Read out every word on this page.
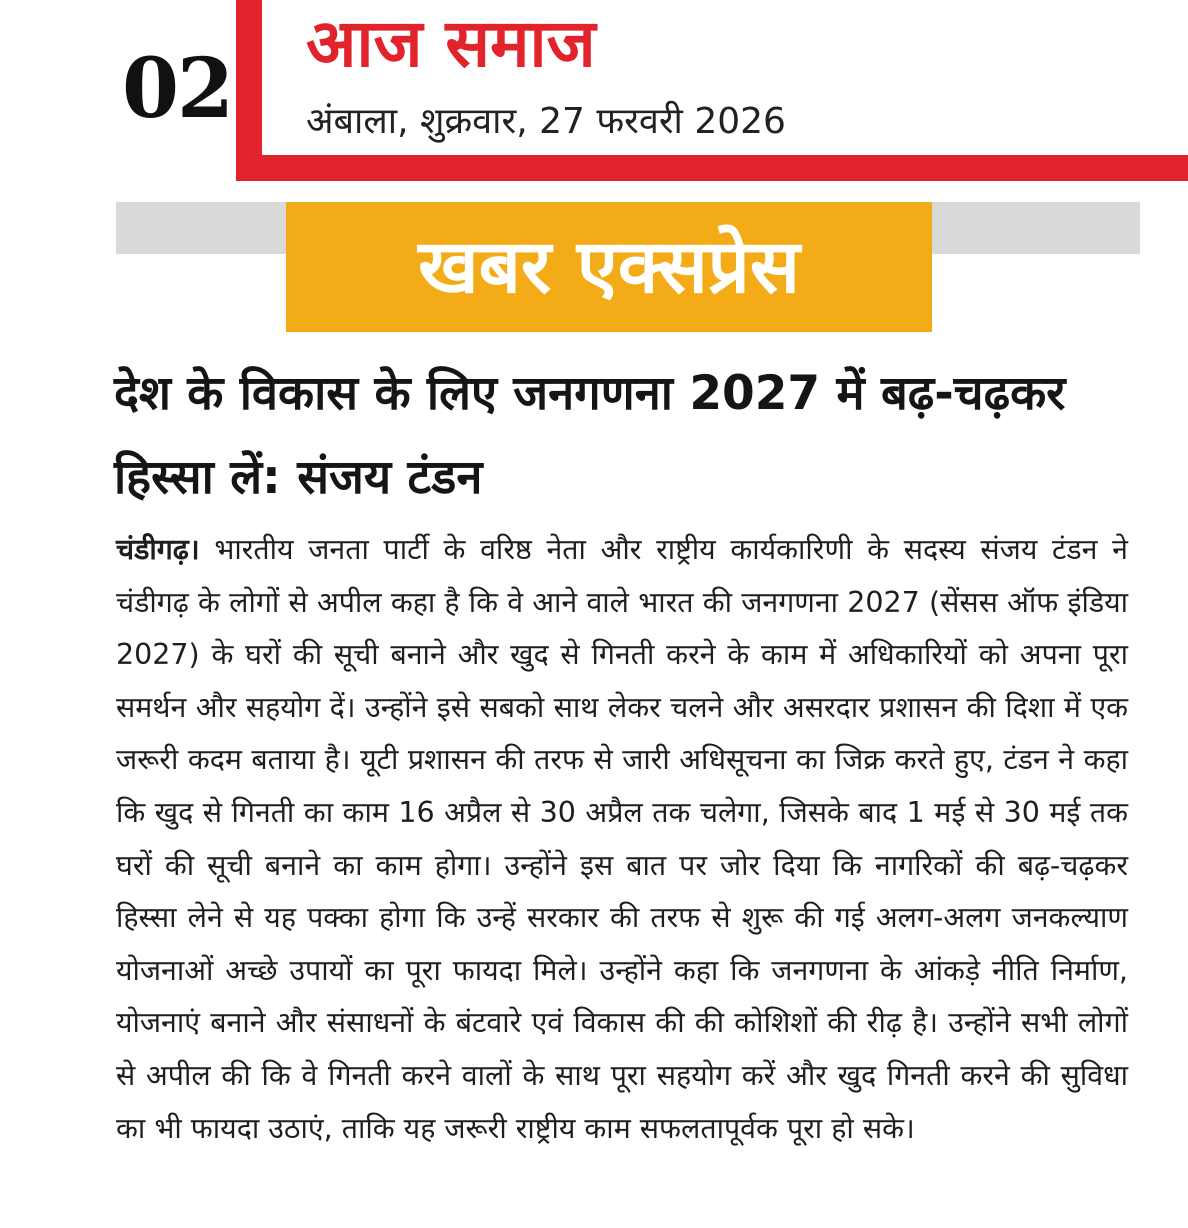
02 आज समाज
अंबाला, शुक्रवार, 27 फरवरी 2026
खबर एक्सप्रेस
देश के विकास के लिए जनगणना 2027 में बढ़-चढ़कर हिस्सा लें: संजय टंडन

चंडीगढ़। भारतीय जनता पार्टी के वरिष्ठ नेता और राष्ट्रीय कार्यकारिणी के सदस्य संजय टंडन ने चंडीगढ़ के लोगों से अपील कहा है कि वे आने वाले भारत की जनगणना 2027 (सेंसस ऑफ इंडिया 2027) के घरों की सूची बनाने और खुद से गिनती करने के काम में अधिकारियों को अपना पूरा समर्थन और सहयोग दें। उन्होंने इसे सबको साथ लेकर चलने और असरदार प्रशासन की दिशा में एक जरूरी कदम बताया है। यूटी प्रशासन की तरफ से जारी अधिसूचना का जिक्र करते हुए, टंडन ने कहा कि खुद से गिनती का काम 16 अप्रैल से 30 अप्रैल तक चलेगा, जिसके बाद 1 मई से 30 मई तक घरों की सूची बनाने का काम होगा। उन्होंने इस बात पर जोर दिया कि नागरिकों की बढ़-चढ़कर हिस्सा लेने से यह पक्का होगा कि उन्हें सरकार की तरफ से शुरू की गई अलग-अलग जनकल्याण योजनाओं अच्छे उपायों का पूरा फायदा मिले। उन्होंने कहा कि जनगणना के आंकड़े नीति निर्माण, योजनाएं बनाने और संसाधनों के बंटवारे एवं विकास की की कोशिशों की रीढ़ है। उन्होंने सभी लोगों से अपील की कि वे गिनती करने वालों के साथ पूरा सहयोग करें और खुद गिनती करने की सुविधा का भी फायदा उठाएं, ताकि यह जरूरी राष्ट्रीय काम सफलतापूर्वक पूरा हो सके।
